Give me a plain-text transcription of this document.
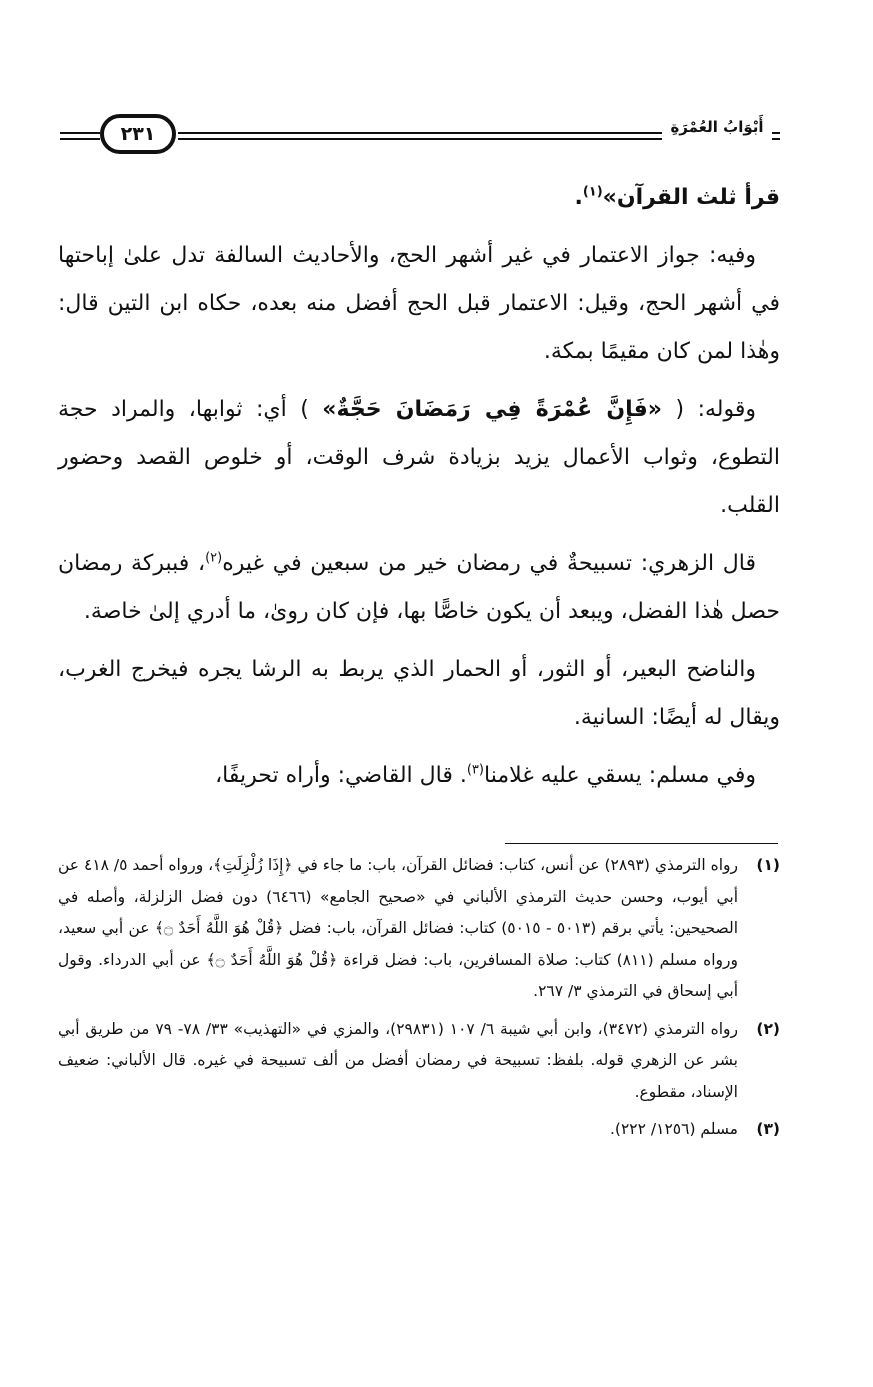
٢٣١	أَبْوَابُ العُمْرَةِ

قرأ ثلث القرآن»$^{(١)}$.

وفيه: جواز الاعتمار في غير أشهر الحج، والأحاديث السالفة تدل علىٰ إباحتها في أشهر الحج، وقيل: الاعتمار قبل الحج أفضل منه بعده، حكاه ابن التين قال: وهٰذا لمن كان مقيمًا بمكة.

وقوله: ( «فَإِنَّ عُمْرَةً فِي رَمَضَانَ حَجَّةٌ» ) أي: ثوابها، والمراد حجة التطوع، وثواب الأعمال يزيد بزيادة شرف الوقت، أو خلوص القصد وحضور القلب.

قال الزهري: تسبيحةٌ في رمضان خير من سبعين في غيره$^{(٢)}$، فببركة رمضان حصل هٰذا الفضل، ويبعد أن يكون خاصًّا بها، فإن كان روىٰ، ما أدري إلىٰ خاصة.

والناضح البعير، أو الثور، أو الحمار الذي يربط به الرشا يجره فيخرج الغرب، ويقال له أيضًا: السانية.

وفي مسلم: يسقي عليه غلامنا$^{(٣)}$. قال القاضي: وأراه تحريفًا،

(١)
رواه الترمذي (٢٨٩٣) عن أنس، كتاب: فضائل القرآن، باب: ما جاء في ﴿إِذَا زُلْزِلَتِ﴾، ورواه أحمد ٥/ ٤١٨ عن أبي أيوب، وحسن حديث الترمذي الألباني في «صحيح الجامع» (٦٤٦٦) دون فضل الزلزلة، وأصله في الصحيحين: يأتي برقم (٥٠١٣ - ٥٠١٥) كتاب: فضائل القرآن، باب: فضل ﴿قُلْ هُوَ اللَّهُ أَحَدٌ ۝﴾ عن أبي سعيد، ورواه مسلم (٨١١) كتاب: صلاة المسافرين، باب: فضل قراءة ﴿قُلْ هُوَ اللَّهُ أَحَدٌ ۝﴾ عن أبي الدرداء. وقول أبي إسحاق في الترمذي ٣/ ٢٦٧.
(٢)
رواه الترمذي (٣٤٧٢)، وابن أبي شيبة ٦/ ١٠٧ (٢٩٨٣١)، والمزي في «التهذيب» ٣٣/ ٧٨- ٧٩ من طريق أبي بشر عن الزهري قوله. بلفظ: تسبيحة في رمضان أفضل من ألف تسبيحة في غيره. قال الألباني: ضعيف الإسناد، مقطوع.
(٣)
مسلم (١٢٥٦/ ٢٢٢).
